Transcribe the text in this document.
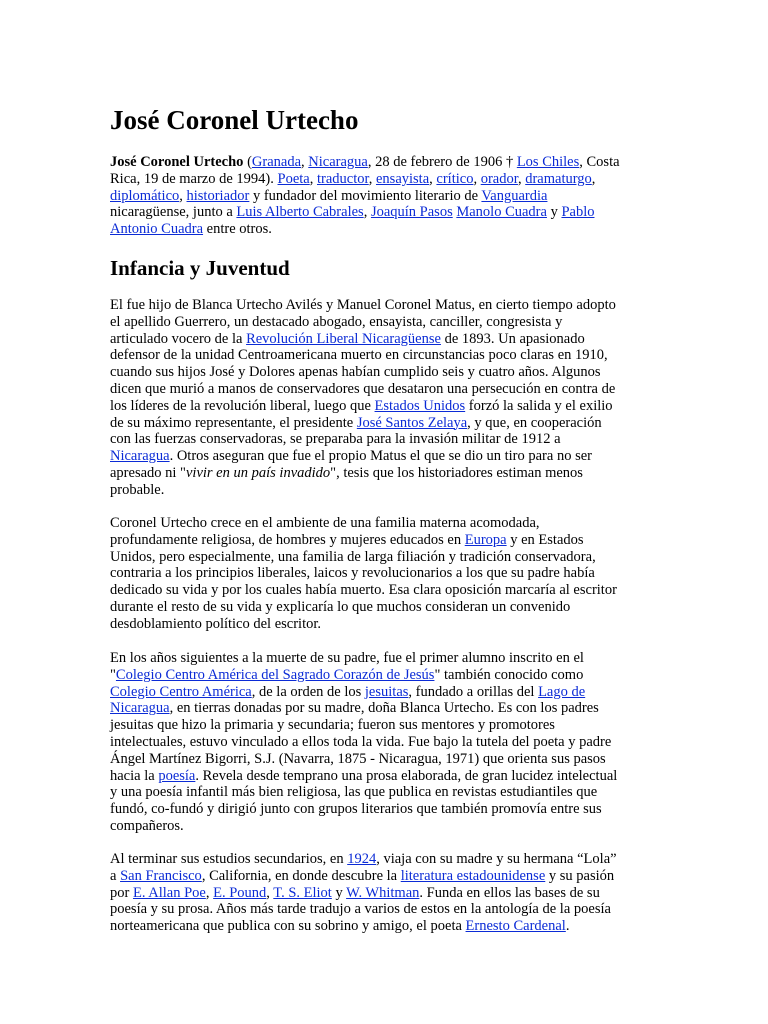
José Coronel Urtecho
José Coronel Urtecho (Granada, Nicaragua, 28 de febrero de 1906 † Los Chiles, Costa
Rica, 19 de marzo de 1994). Poeta, traductor, ensayista, crítico, orador, dramaturgo,
diplomático, historiador y fundador del movimiento literario de Vanguardia
nicaragüense, junto a Luis Alberto Cabrales, Joaquín Pasos Manolo Cuadra y Pablo
Antonio Cuadra entre otros.
Infancia y Juventud
El fue hijo de Blanca Urtecho Avilés y Manuel Coronel Matus, en cierto tiempo adopto
el apellido Guerrero, un destacado abogado, ensayista, canciller, congresista y
articulado vocero de la Revolución Liberal Nicaragüense de 1893. Un apasionado
defensor de la unidad Centroamericana muerto en circunstancias poco claras en 1910,
cuando sus hijos José y Dolores apenas habían cumplido seis y cuatro años. Algunos
dicen que murió a manos de conservadores que desataron una persecución en contra de
los líderes de la revolución liberal, luego que Estados Unidos forzó la salida y el exilio
de su máximo representante, el presidente José Santos Zelaya, y que, en cooperación
con las fuerzas conservadoras, se preparaba para la invasión militar de 1912 a
Nicaragua. Otros aseguran que fue el propio Matus el que se dio un tiro para no ser
apresado ni "vivir en un país invadido", tesis que los historiadores estiman menos
probable.
Coronel Urtecho crece en el ambiente de una familia materna acomodada,
profundamente religiosa, de hombres y mujeres educados en Europa y en Estados
Unidos, pero especialmente, una familia de larga filiación y tradición conservadora,
contraria a los principios liberales, laicos y revolucionarios a los que su padre había
dedicado su vida y por los cuales había muerto. Esa clara oposición marcaría al escritor
durante el resto de su vida y explicaría lo que muchos consideran un convenido
desdoblamiento político del escritor.
En los años siguientes a la muerte de su padre, fue el primer alumno inscrito en el
"Colegio Centro América del Sagrado Corazón de Jesús" también conocido como
Colegio Centro América, de la orden de los jesuitas, fundado a orillas del Lago de
Nicaragua, en tierras donadas por su madre, doña Blanca Urtecho. Es con los padres
jesuitas que hizo la primaria y secundaria; fueron sus mentores y promotores
intelectuales, estuvo vinculado a ellos toda la vida. Fue bajo la tutela del poeta y padre
Ángel Martínez Bigorri, S.J. (Navarra, 1875 - Nicaragua, 1971) que orienta sus pasos
hacia la poesía. Revela desde temprano una prosa elaborada, de gran lucidez intelectual
y una poesía infantil más bien religiosa, las que publica en revistas estudiantiles que
fundó, co-fundó y dirigió junto con grupos literarios que también promovía entre sus
compañeros.
Al terminar sus estudios secundarios, en 1924, viaja con su madre y su hermana “Lola”
a San Francisco, California, en donde descubre la literatura estadounidense y su pasión
por E. Allan Poe, E. Pound, T. S. Eliot y W. Whitman. Funda en ellos las bases de su
poesía y su prosa. Años más tarde tradujo a varios de estos en la antología de la poesía
norteamericana que publica con su sobrino y amigo, el poeta Ernesto Cardenal.
